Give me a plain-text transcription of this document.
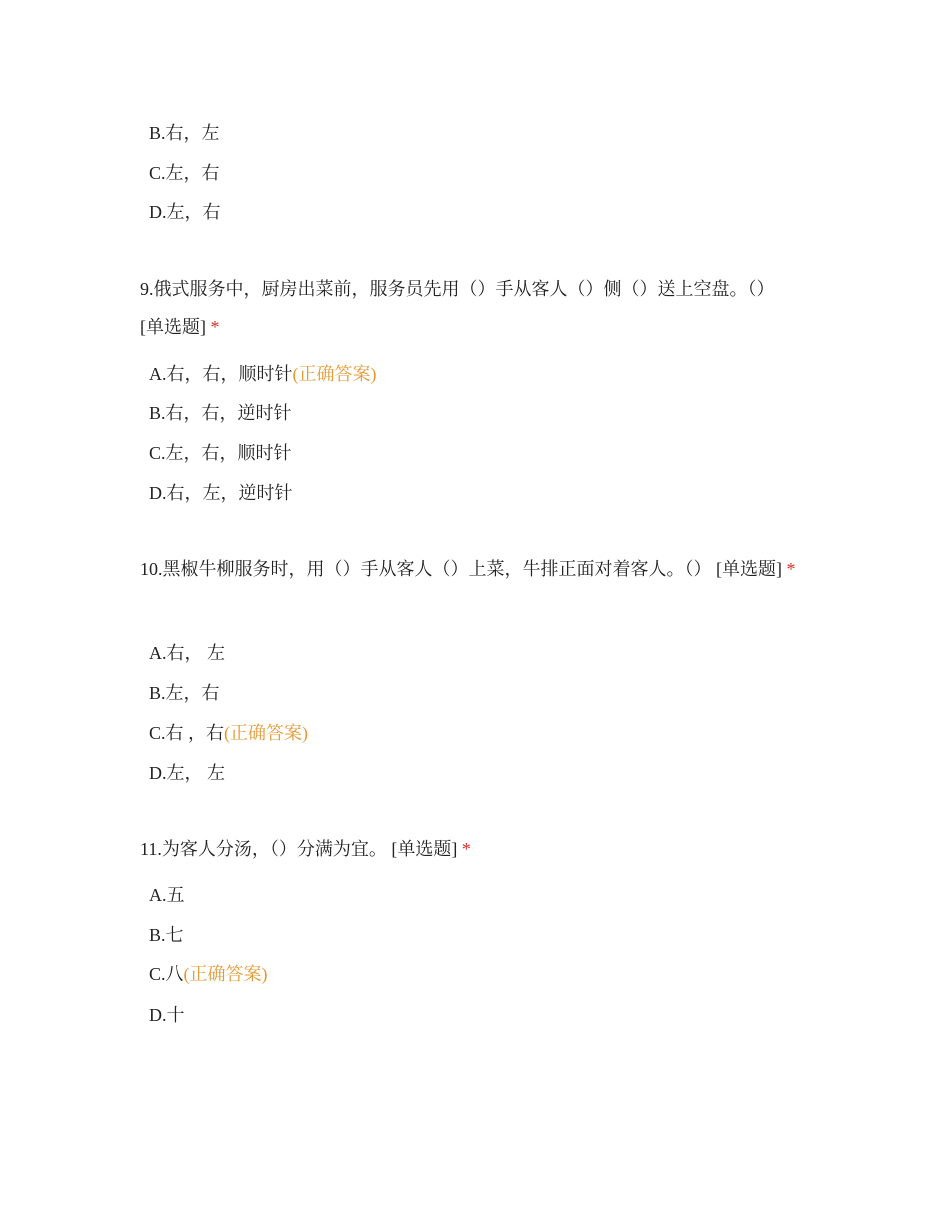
B.右，左
C.左，右
D.左，右
9.俄式服务中，厨房出菜前，服务员先用（）手从客人（）侧（）送上空盘。（）
[单选题] *
A.右，右，顺时针(正确答案)
B.右，右，逆时针
C.左，右，顺时针
D.右，左，逆时针
10.黑椒牛柳服务时，用（）手从客人（）上菜，牛排正面对着客人。（） [单选题] *
A.右， 左
B.左，右
C.右 ，右(正确答案)
D.左， 左
11.为客人分汤，（）分满为宜。 [单选题] *
A.五
B.七
C.八(正确答案)
D.十
